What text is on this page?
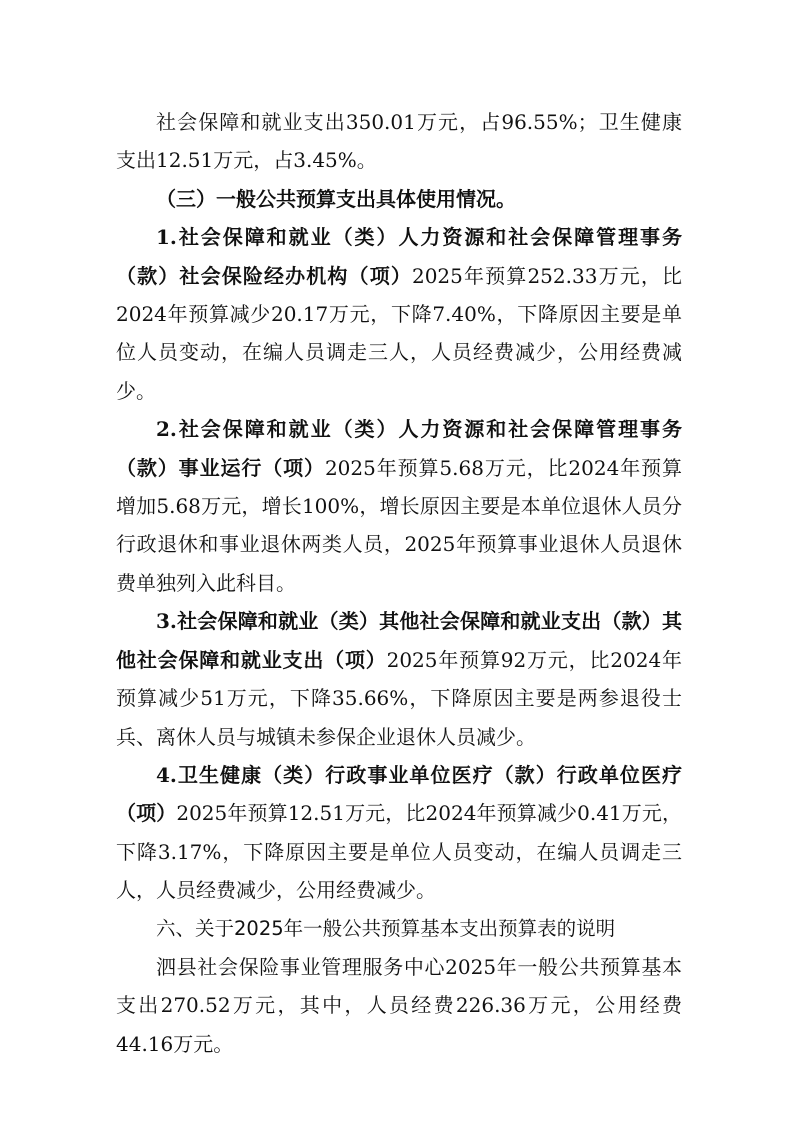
社会保障和就业支出350.01万元，占96.55%；卫生健康支出12.51万元，占3.45%。

（三）一般公共预算支出具体使用情况。

1.社会保障和就业（类）人力资源和社会保障管理事务（款）社会保险经办机构（项）2025年预算252.33万元，比2024年预算减少20.17万元，下降7.40%，下降原因主要是单位人员变动，在编人员调走三人，人员经费减少，公用经费减少。

2.社会保障和就业（类）人力资源和社会保障管理事务（款）事业运行（项）2025年预算5.68万元，比2024年预算增加5.68万元，增长100%，增长原因主要是本单位退休人员分行政退休和事业退休两类人员，2025年预算事业退休人员退休费单独列入此科目。

3.社会保障和就业（类）其他社会保障和就业支出（款）其他社会保障和就业支出（项）2025年预算92万元，比2024年预算减少51万元，下降35.66%，下降原因主要是两参退役士兵、离休人员与城镇未参保企业退休人员减少。

4.卫生健康（类）行政事业单位医疗（款）行政单位医疗（项）2025年预算12.51万元，比2024年预算减少0.41万元，下降3.17%，下降原因主要是单位人员变动，在编人员调走三人，人员经费减少，公用经费减少。

六、关于2025年一般公共预算基本支出预算表的说明

泗县社会保险事业管理服务中心2025年一般公共预算基本支出270.52万元，其中，人员经费226.36万元，公用经费44.16万元。
